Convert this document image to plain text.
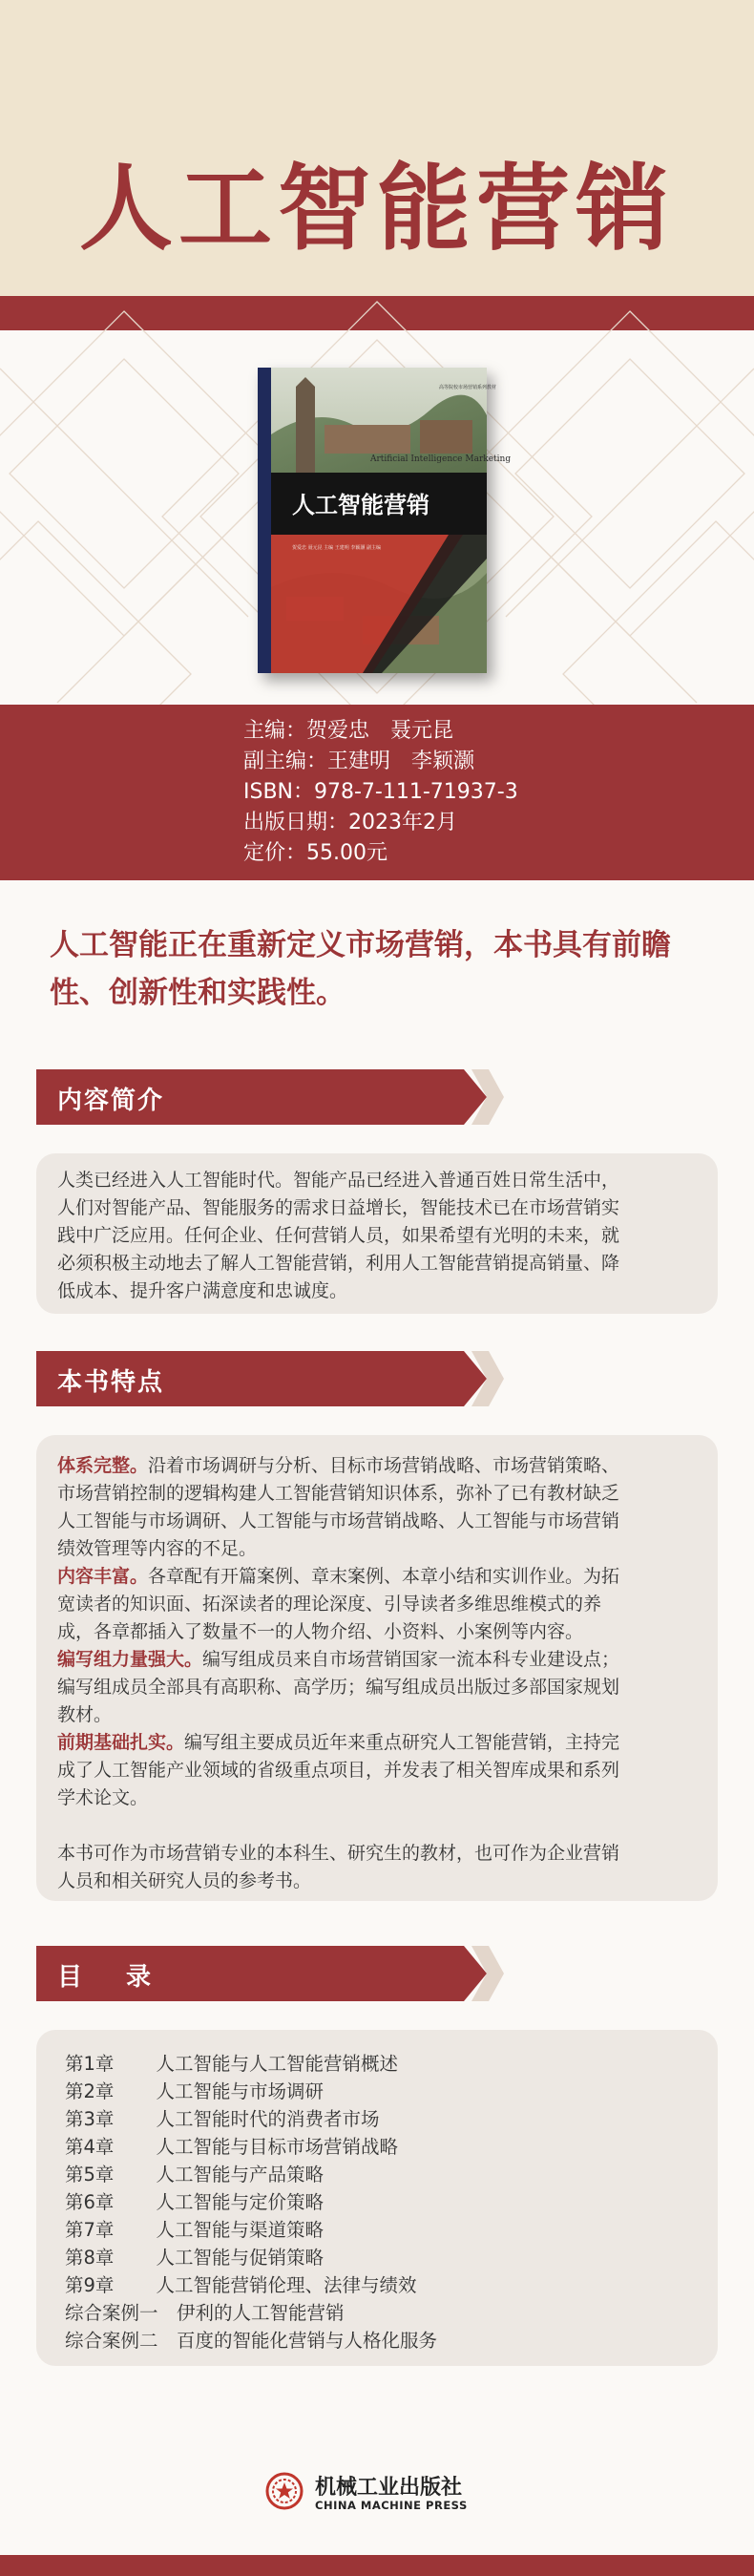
人工智能营销
Artificial Intelligence Marketing
人工智能营销
贺爱忠 聂元昆 主编 王建明 李颖灏 副主编
高等院校市场营销系列教材
主编：贺爱忠　聂元昆
副主编：王建明　李颖灏
ISBN：978-7-111-71937-3
出版日期：2023年2月
定价：55.00元
人工智能正在重新定义市场营销，本书具有前瞻性、创新性和实践性。
内容简介
人类已经进入人工智能时代。智能产品已经进入普通百姓日常生活中，
人们对智能产品、智能服务的需求日益增长，智能技术已在市场营销实
践中广泛应用。任何企业、任何营销人员，如果希望有光明的未来，就
必须积极主动地去了解人工智能营销，利用人工智能营销提高销量、降
低成本、提升客户满意度和忠诚度。
本书特点
体系完整。沿着市场调研与分析、目标市场营销战略、市场营销策略、
市场营销控制的逻辑构建人工智能营销知识体系，弥补了已有教材缺乏
人工智能与市场调研、人工智能与市场营销战略、人工智能与市场营销
绩效管理等内容的不足。
内容丰富。各章配有开篇案例、章末案例、本章小结和实训作业。为拓
宽读者的知识面、拓深读者的理论深度、引导读者多维思维模式的养
成，各章都插入了数量不一的人物介绍、小资料、小案例等内容。
编写组力量强大。编写组成员来自市场营销国家一流本科专业建设点；
编写组成员全部具有高职称、高学历；编写组成员出版过多部国家规划
教材。
前期基础扎实。编写组主要成员近年来重点研究人工智能营销，主持完
成了人工智能产业领域的省级重点项目，并发表了相关智库成果和系列
学术论文。
本书可作为市场营销专业的本科生、研究生的教材，也可作为企业营销
人员和相关研究人员的参考书。
目　录
第1章　 人工智能与人工智能营销概述
第2章　 人工智能与市场调研
第3章　 人工智能时代的消费者市场
第4章　 人工智能与目标市场营销战略
第5章　 人工智能与产品策略
第6章　 人工智能与定价策略
第7章　 人工智能与渠道策略
第8章　 人工智能与促销策略
第9章　 人工智能营销伦理、法律与绩效
综合案例一　 伊利的人工智能营销
综合案例二　 百度的智能化营销与人格化服务
机械工业出版社
CHINA MACHINE PRESS
